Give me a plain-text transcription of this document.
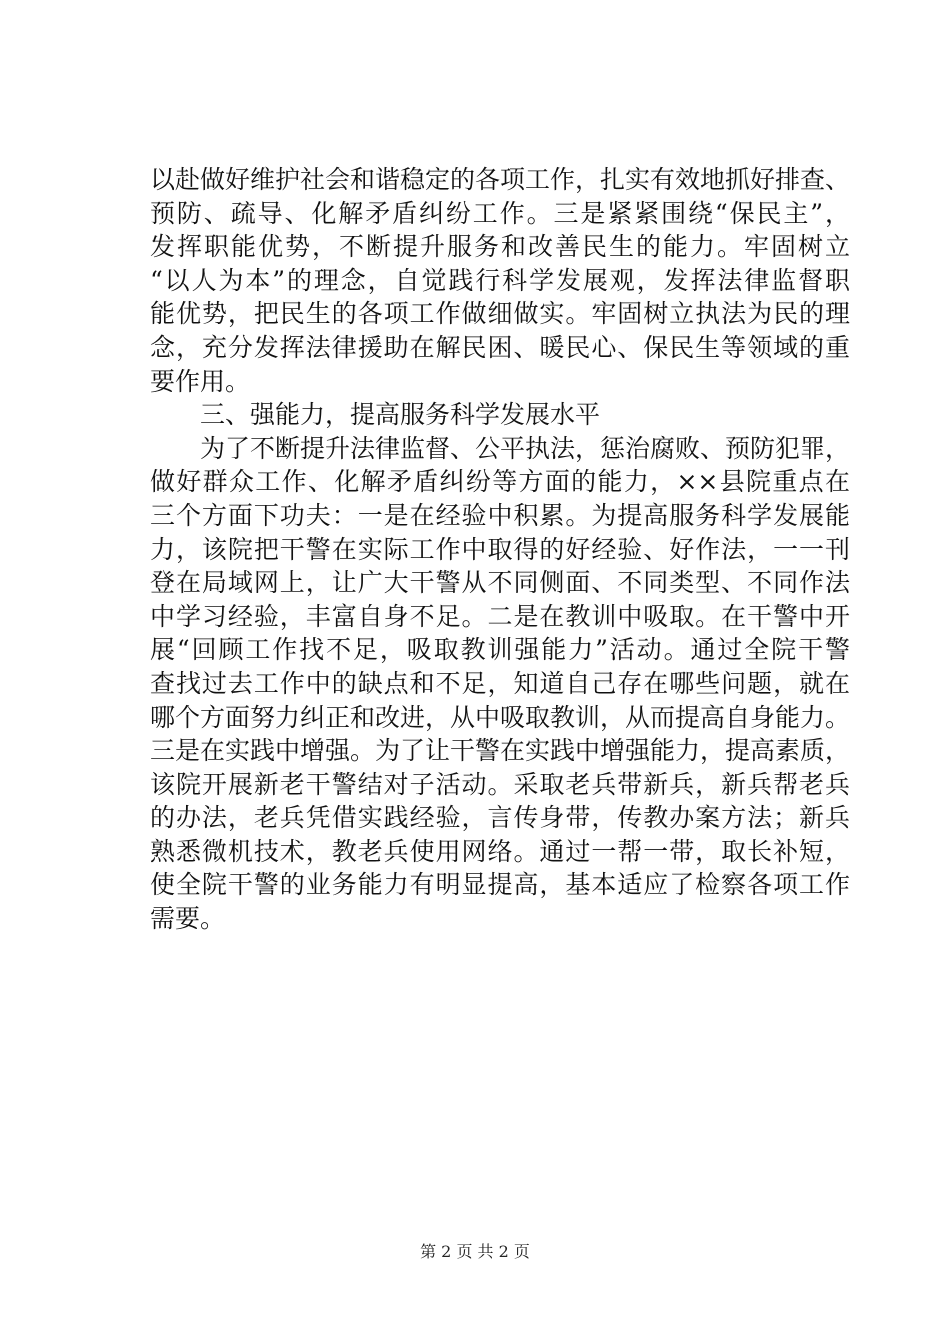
以赴做好维护社会和谐稳定的各项工作，扎实有效地抓好排查、
预防、疏导、化解矛盾纠纷工作。三是紧紧围绕“保民主”，
发挥职能优势，不断提升服务和改善民生的能力。牢固树立
“以人为本”的理念，自觉践行科学发展观，发挥法律监督职
能优势，把民生的各项工作做细做实。牢固树立执法为民的理
念，充分发挥法律援助在解民困、暖民心、保民生等领域的重
要作用。
三、强能力，提高服务科学发展水平
为了不断提升法律监督、公平执法，惩治腐败、预防犯罪，
做好群众工作、化解矛盾纠纷等方面的能力，××县院重点在
三个方面下功夫：一是在经验中积累。为提高服务科学发展能
力，该院把干警在实际工作中取得的好经验、好作法，一一刊
登在局域网上，让广大干警从不同侧面、不同类型、不同作法
中学习经验，丰富自身不足。二是在教训中吸取。在干警中开
展“回顾工作找不足，吸取教训强能力”活动。通过全院干警
查找过去工作中的缺点和不足，知道自己存在哪些问题，就在
哪个方面努力纠正和改进，从中吸取教训，从而提高自身能力。
三是在实践中增强。为了让干警在实践中增强能力，提高素质，
该院开展新老干警结对子活动。采取老兵带新兵，新兵帮老兵
的办法，老兵凭借实践经验，言传身带，传教办案方法；新兵
熟悉微机技术，教老兵使用网络。通过一帮一带，取长补短，
使全院干警的业务能力有明显提高，基本适应了检察各项工作
需要。
第 2 页 共 2 页
